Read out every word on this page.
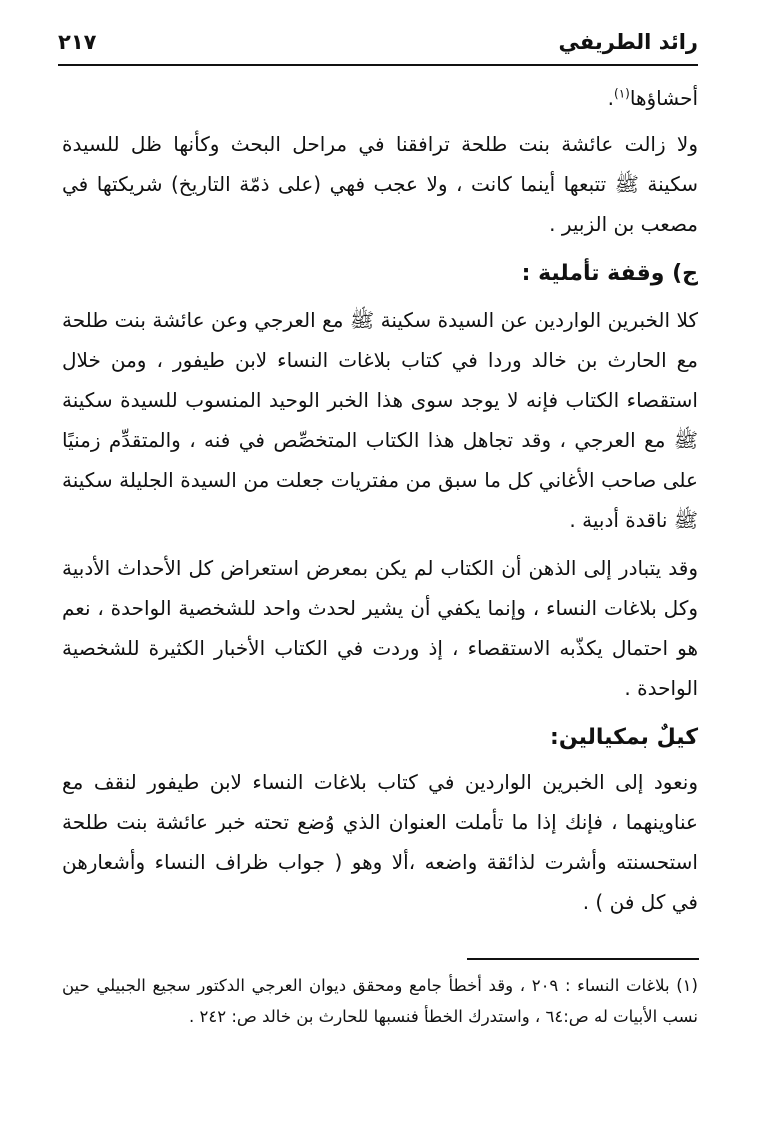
رائد الطريفي
٢١٧
أحشاؤها$^{(١)}$.
ولا زالت عائشة بنت طلحة ترافقنا في مراحل البحث وكأنها ظل للسيدة سكينة ﷺ تتبعها أينما كانت ، ولا عجب فهي (على ذمّة التاريخ) شريكتها في مصعب بن الزبير .
ج) وقفة تأملية :
كلا الخبرين الواردين عن السيدة سكينة ﷺ مع العرجي وعن عائشة بنت طلحة مع الحارث بن خالد وردا في كتاب بلاغات النساء لابن طيفور ، ومن خلال استقصاء الكتاب فإنه لا يوجد سوى هذا الخبر الوحيد المنسوب للسيدة سكينة ﷺ مع العرجي ، وقد تجاهل هذا الكتاب المتخصِّص في فنه ، والمتقدِّم زمنيًا على صاحب الأغاني كل ما سبق من مفتريات جعلت من السيدة الجليلة سكينة ﷺ ناقدة أدبية .
وقد يتبادر إلى الذهن أن الكتاب لم يكن بمعرض استعراض كل الأحداث الأدبية وكل بلاغات النساء ، وإنما يكفي أن يشير لحدث واحد للشخصية الواحدة ، نعم هو احتمال يكذّبه الاستقصاء ، إذ وردت في الكتاب الأخبار الكثيرة للشخصية الواحدة .
كيلٌ بمكيالين:
ونعود إلى الخبرين الواردين في كتاب بلاغات النساء لابن طيفور لنقف مع عناوينهما ، فإنك إذا ما تأملت العنوان الذي وُضع تحته خبر عائشة بنت طلحة استحسنته وأشرت لذائقة واضعه ،ألا وهو ( جواب ظراف النساء وأشعارهن في كل فن ) .
(١) بلاغات النساء : ٢٠٩ ، وقد أخطأ جامع ومحقق ديوان العرجي الدكتور سجيع الجبيلي حين نسب الأبيات له ص:٦٤ ، واستدرك الخطأ فنسبها للحارث بن خالد ص: ٢٤٢ .
